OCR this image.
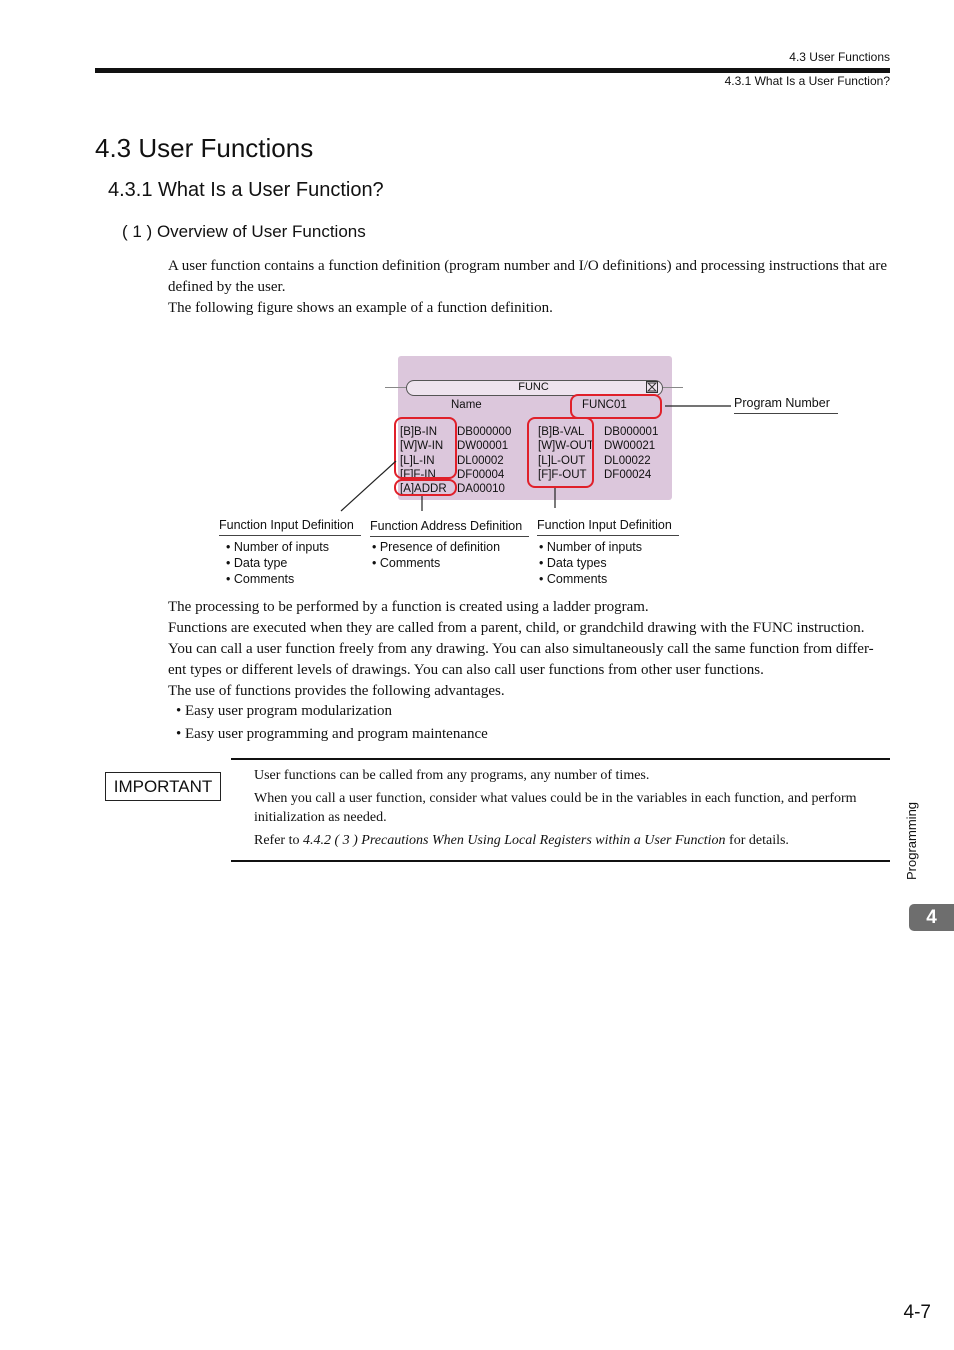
4.3 User Functions
4.3.1 What Is a User Function?
4.3 User Functions
4.3.1 What Is a User Function?
( 1 ) Overview of User Functions

A user function contains a function definition (program number and I/O definitions) and processing instructions that are defined by the user.

The following figure shows an example of a function definition.

FUNC
Name	FUNC01
[B]B-IN
[W]W-IN
[L]L-IN
[F]F-IN
[A]ADDR
DB000000
DW00001
DL00002
DF00004
DA00010
[B]B-VAL
[W]W-OUT
[L]L-OUT
[F]F-OUT
DB000001
DW00021
DL00022
DF00024
Program Number
Function Input Definition
• Number of inputs
• Data type
• Comments
Function Address Definition
• Presence of definition
• Comments
Function Input Definition
• Number of inputs
• Data types
• Comments

The processing to be performed by a function is created using a ladder program.

Functions are executed when they are called from a parent, child, or grandchild drawing with the FUNC instruction.

You can call a user function freely from any drawing. You can also simultaneously call the same function from differ-ent types or different levels of drawings. You can also call user functions from other user functions.

The use of functions provides the following advantages.

• Easy user program modularization
• Easy user programming and program maintenance
IMPORTANT

User functions can be called from any programs, any number of times.

When you call a user function, consider what values could be in the variables in each function, and perform initialization as needed.

Refer to 4.4.2 ( 3 ) Precautions When Using Local Registers within a User Function for details.	Programming
4
4-7
